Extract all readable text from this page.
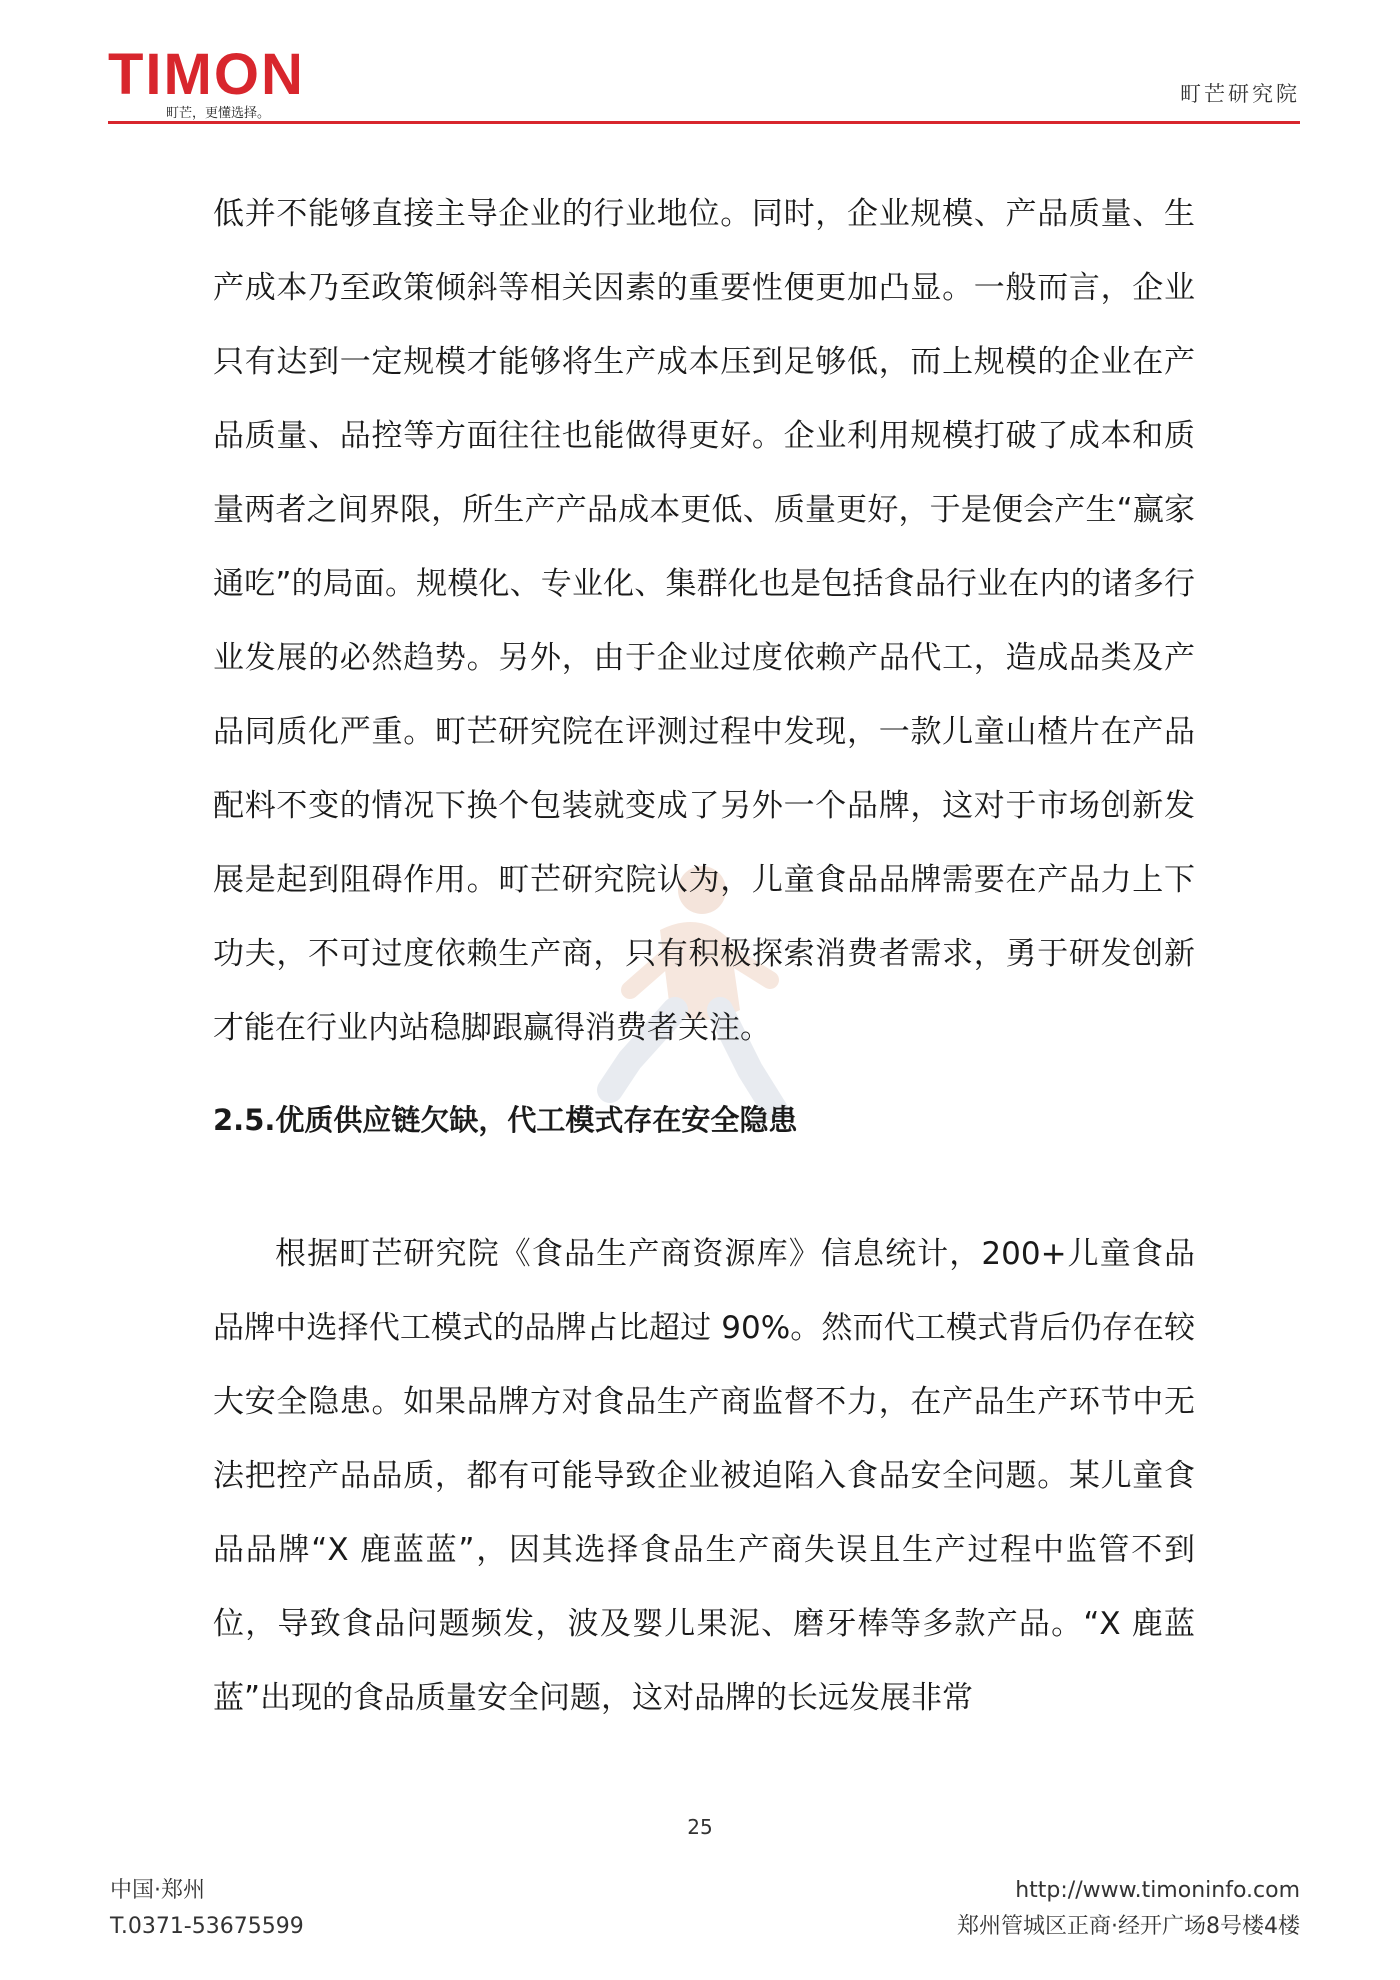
TIMON
町芒，更懂选择。
町芒研究院

低并不能够直接主导企业的行业地位。同时，企业规模、产品质量、生产成本乃至政策倾斜等相关因素的重要性便更加凸显。一般而言，企业只有达到一定规模才能够将生产成本压到足够低，而上规模的企业在产品质量、品控等方面往往也能做得更好。企业利用规模打破了成本和质量两者之间界限，所生产产品成本更低、质量更好，于是便会产生“赢家通吃”的局面。规模化、专业化、集群化也是包括食品行业在内的诸多行业发展的必然趋势。另外，由于企业过度依赖产品代工，造成品类及产品同质化严重。町芒研究院在评测过程中发现，一款儿童山楂片在产品配料不变的情况下换个包装就变成了另外一个品牌，这对于市场创新发展是起到阻碍作用。町芒研究院认为，儿童食品品牌需要在产品力上下功夫，不可过度依赖生产商，只有积极探索消费者需求，勇于研发创新才能在行业内站稳脚跟赢得消费者关注。

2.5.优质供应链欠缺，代工模式存在安全隐患

根据町芒研究院《食品生产商资源库》信息统计，200+儿童食品品牌中选择代工模式的品牌占比超过 90%。然而代工模式背后仍存在较大安全隐患。如果品牌方对食品生产商监督不力，在产品生产环节中无法把控产品品质，都有可能导致企业被迫陷入食品安全问题。某儿童食品品牌“X 鹿蓝蓝”，因其选择食品生产商失误且生产过程中监管不到位，导致食品问题频发，波及婴儿果泥、磨牙棒等多款产品。“X 鹿蓝蓝”出现的食品质量安全问题，这对品牌的长远发展非常

25
中国·郑州
T.0371-53675599
http://www.timoninfo.com
郑州管城区正商·经开广场8号楼4楼
